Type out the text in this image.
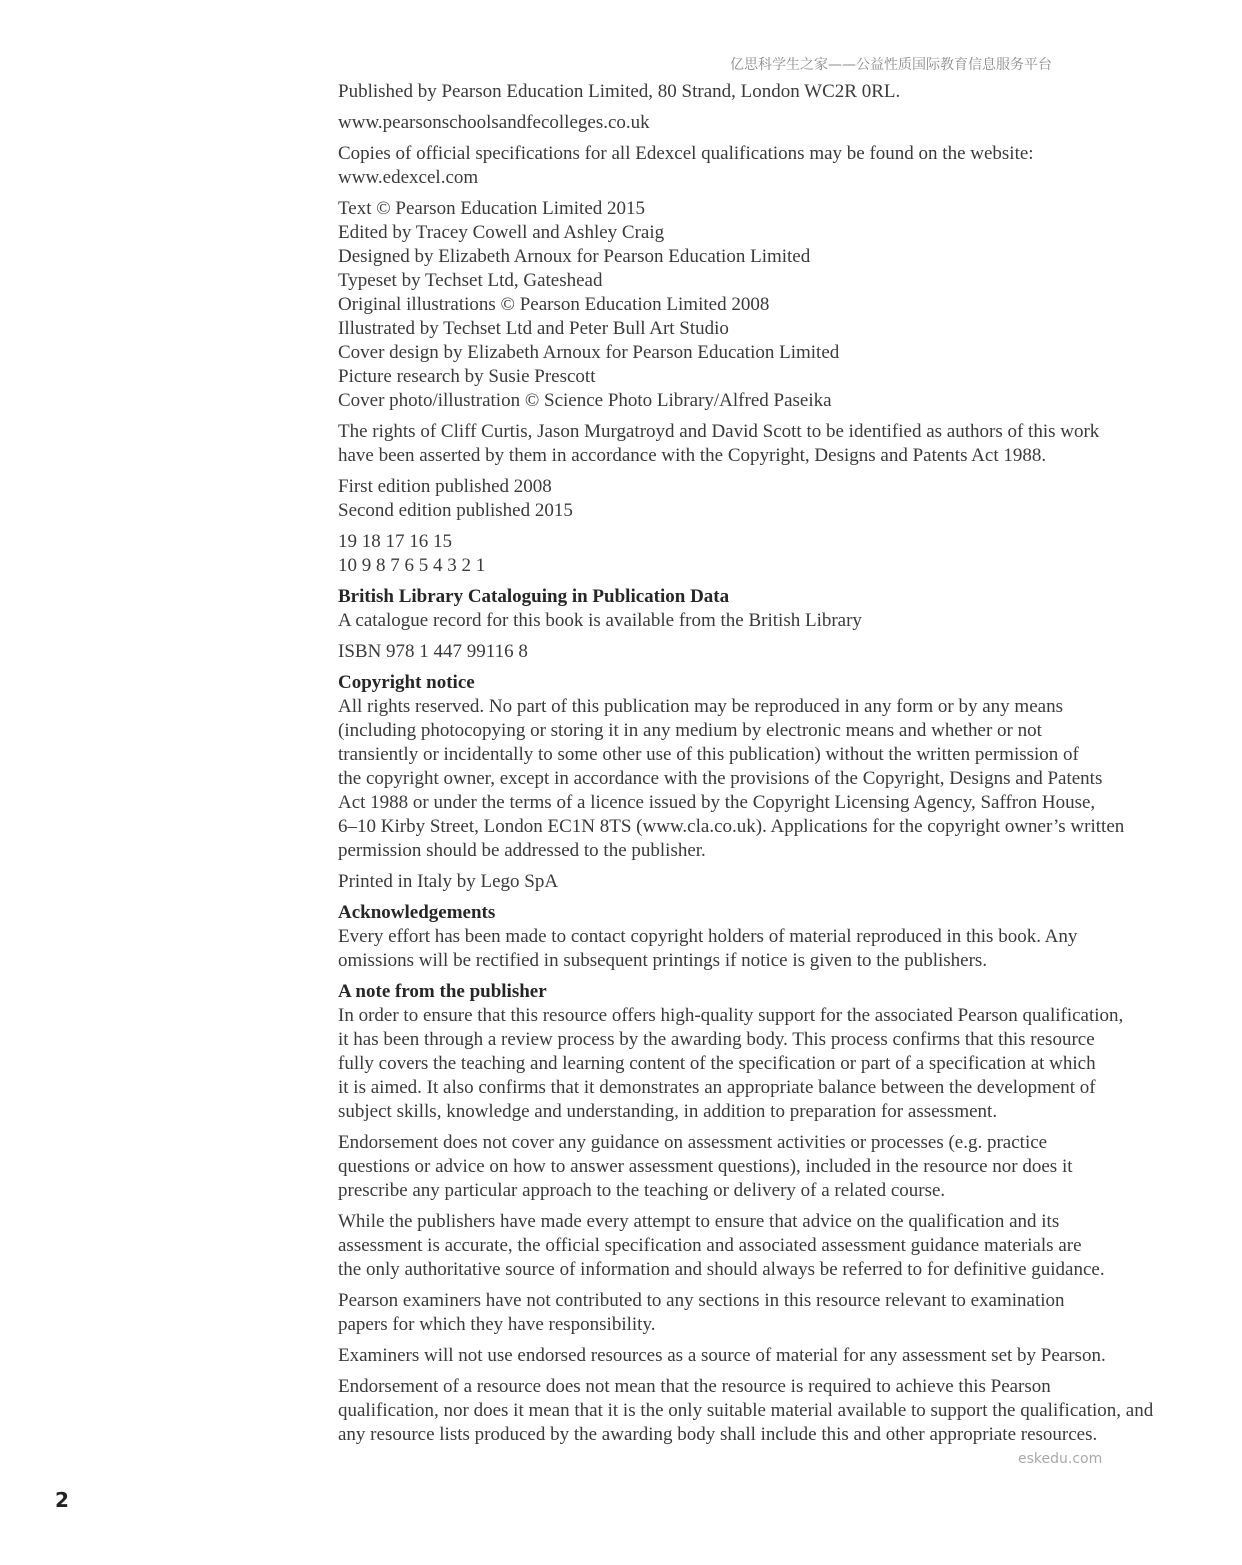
亿思科学生之家——公益性质国际教育信息服务平台

Published by Pearson Education Limited, 80 Strand, London WC2R 0RL.

www.pearsonschoolsandfecolleges.co.uk

Copies of official specifications for all Edexcel qualifications may be found on the website:
www.edexcel.com

Text © Pearson Education Limited 2015
Edited by Tracey Cowell and Ashley Craig
Designed by Elizabeth Arnoux for Pearson Education Limited
Typeset by Techset Ltd, Gateshead
Original illustrations © Pearson Education Limited 2008
Illustrated by Techset Ltd and Peter Bull Art Studio
Cover design by Elizabeth Arnoux for Pearson Education Limited
Picture research by Susie Prescott
Cover photo/illustration © Science Photo Library/Alfred Paseika

The rights of Cliff Curtis, Jason Murgatroyd and David Scott to be identified as authors of this work
have been asserted by them in accordance with the Copyright, Designs and Patents Act 1988.

First edition published 2008
Second edition published 2015

19 18 17 16 15
10 9 8 7 6 5 4 3 2 1

British Library Cataloguing in Publication Data

A catalogue record for this book is available from the British Library

ISBN 978 1 447 99116 8

Copyright notice

All rights reserved. No part of this publication may be reproduced in any form or by any means
(including photocopying or storing it in any medium by electronic means and whether or not
transiently or incidentally to some other use of this publication) without the written permission of
the copyright owner, except in accordance with the provisions of the Copyright, Designs and Patents
Act 1988 or under the terms of a licence issued by the Copyright Licensing Agency, Saffron House,
6–10 Kirby Street, London EC1N 8TS (www.cla.co.uk). Applications for the copyright owner’s written
permission should be addressed to the publisher.

Printed in Italy by Lego SpA

Acknowledgements

Every effort has been made to contact copyright holders of material reproduced in this book. Any
omissions will be rectified in subsequent printings if notice is given to the publishers.

A note from the publisher

In order to ensure that this resource offers high-quality support for the associated Pearson qualification,
it has been through a review process by the awarding body. This process confirms that this resource
fully covers the teaching and learning content of the specification or part of a specification at which
it is aimed. It also confirms that it demonstrates an appropriate balance between the development of
subject skills, knowledge and understanding, in addition to preparation for assessment.

Endorsement does not cover any guidance on assessment activities or processes (e.g. practice
questions or advice on how to answer assessment questions), included in the resource nor does it
prescribe any particular approach to the teaching or delivery of a related course.

While the publishers have made every attempt to ensure that advice on the qualification and its
assessment is accurate, the official specification and associated assessment guidance materials are
the only authoritative source of information and should always be referred to for definitive guidance.

Pearson examiners have not contributed to any sections in this resource relevant to examination
papers for which they have responsibility.

Examiners will not use endorsed resources as a source of material for any assessment set by Pearson.

Endorsement of a resource does not mean that the resource is required to achieve this Pearson
qualification, nor does it mean that it is the only suitable material available to support the qualification, and
any resource lists produced by the awarding body shall include this and other appropriate resources.

eskedu.com
2
